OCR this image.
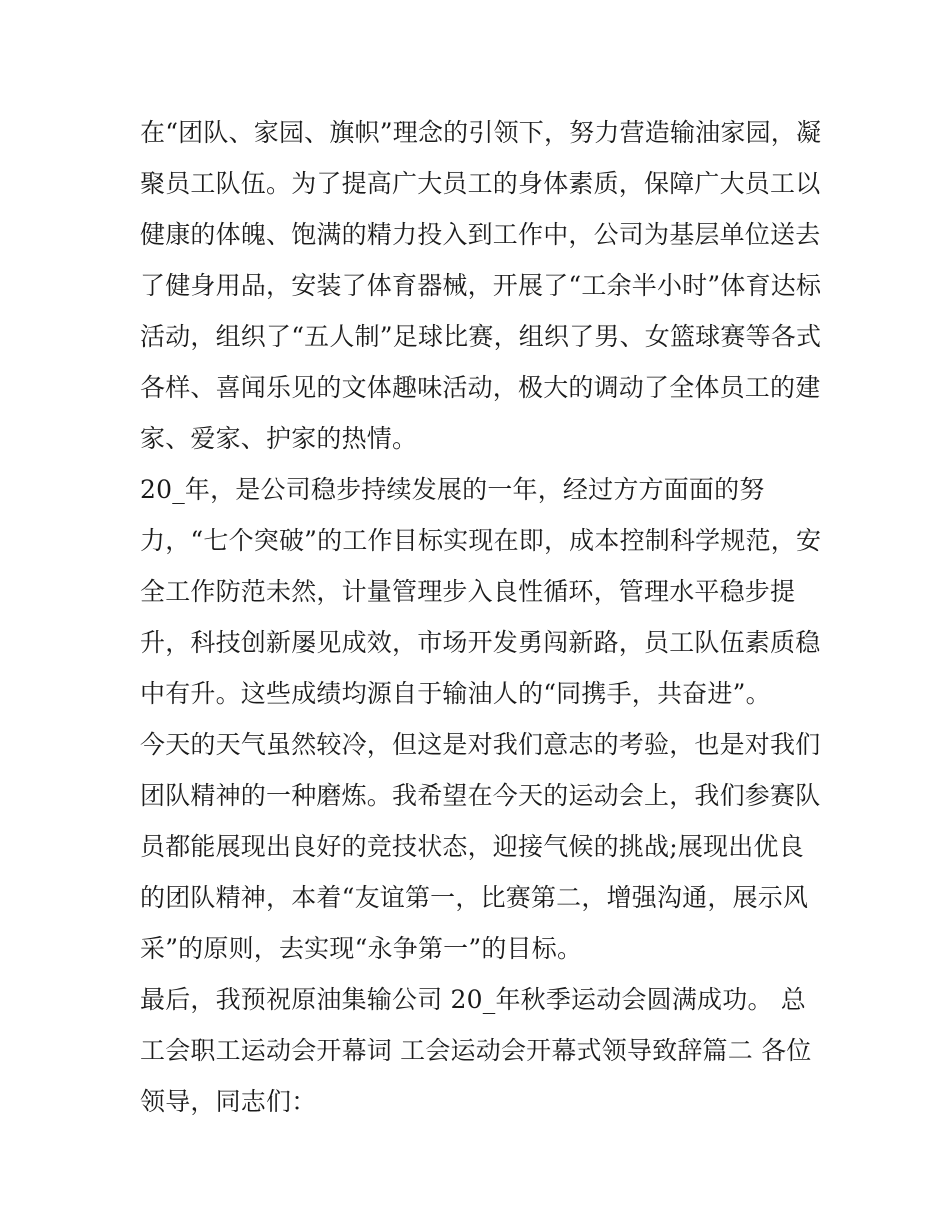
在“团队、家园、旗帜”理念的引领下，努力营造输油家园，凝
聚员工队伍。为了提高广大员工的身体素质，保障广大员工以
健康的体魄、饱满的精力投入到工作中，公司为基层单位送去
了健身用品，安装了体育器械，开展了“工余半小时”体育达标
活动，组织了“五人制”足球比赛，组织了男、女篮球赛等各式
各样、喜闻乐见的文体趣味活动，极大的调动了全体员工的建
家、爱家、护家的热情。
20_年，是公司稳步持续发展的一年，经过方方面面的努
力，“七个突破”的工作目标实现在即，成本控制科学规范，安
全工作防范未然，计量管理步入良性循环，管理水平稳步提
升，科技创新屡见成效，市场开发勇闯新路，员工队伍素质稳
中有升。这些成绩均源自于输油人的“同携手，共奋进”。
今天的天气虽然较冷，但这是对我们意志的考验，也是对我们
团队精神的一种磨炼。我希望在今天的运动会上，我们参赛队
员都能展现出良好的竞技状态，迎接气候的挑战;展现出优良
的团队精神，本着“友谊第一，比赛第二，增强沟通，展示风
采”的原则，去实现“永争第一”的目标。
最后，我预祝原油集输公司 20_年秋季运动会圆满成功。 总
工会职工运动会开幕词 工会运动会开幕式领导致辞篇二 各位
领导，同志们：
